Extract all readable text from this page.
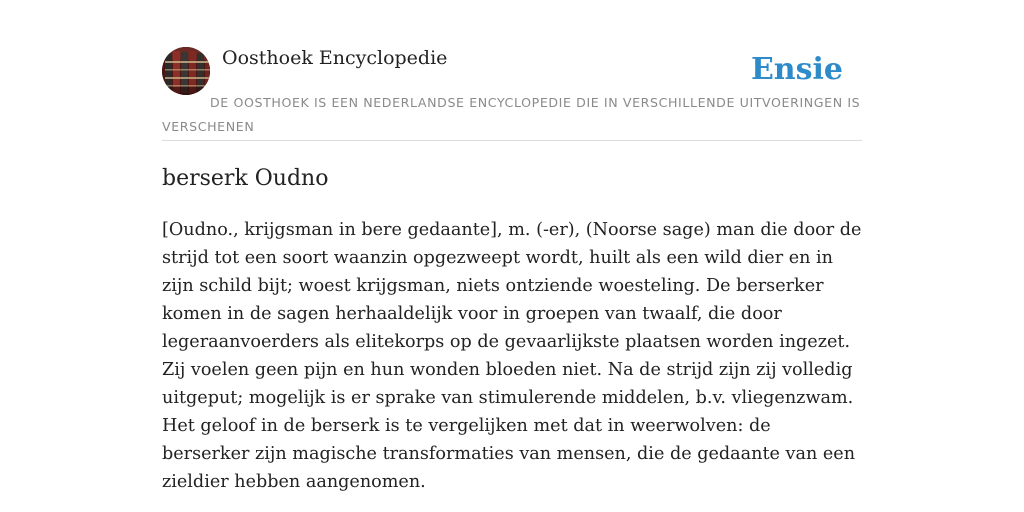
Oosthoek Encyclopedie	Ensie
DE OOSTHOEK IS EEN NEDERLANDSE ENCYCLOPEDIE DIE IN VERSCHILLENDE UITVOERINGEN IS VERSCHENEN
berserk Oudno

[Oudno., krijgsman in bere gedaante], m. (-er), (Noorse sage) man die door de strijd tot een soort waanzin opgezweept wordt, huilt als een wild dier en in zijn schild bijt; woest krijgsman, niets ontziende woesteling. De berserker komen in de sagen herhaaldelijk voor in groepen van twaalf, die door legeraanvoerders als elitekorps op de gevaarlijkste plaatsen worden ingezet. Zij voelen geen pijn en hun wonden bloeden niet. Na de strijd zijn zij volledig uitgeput; mogelijk is er sprake van stimulerende middelen, b.v. vliegenzwam. Het geloof in de berserk is te vergelijken met dat in weerwolven: de berserker zijn magische transformaties van mensen, die de gedaante van een zieldier hebben aangenomen.
